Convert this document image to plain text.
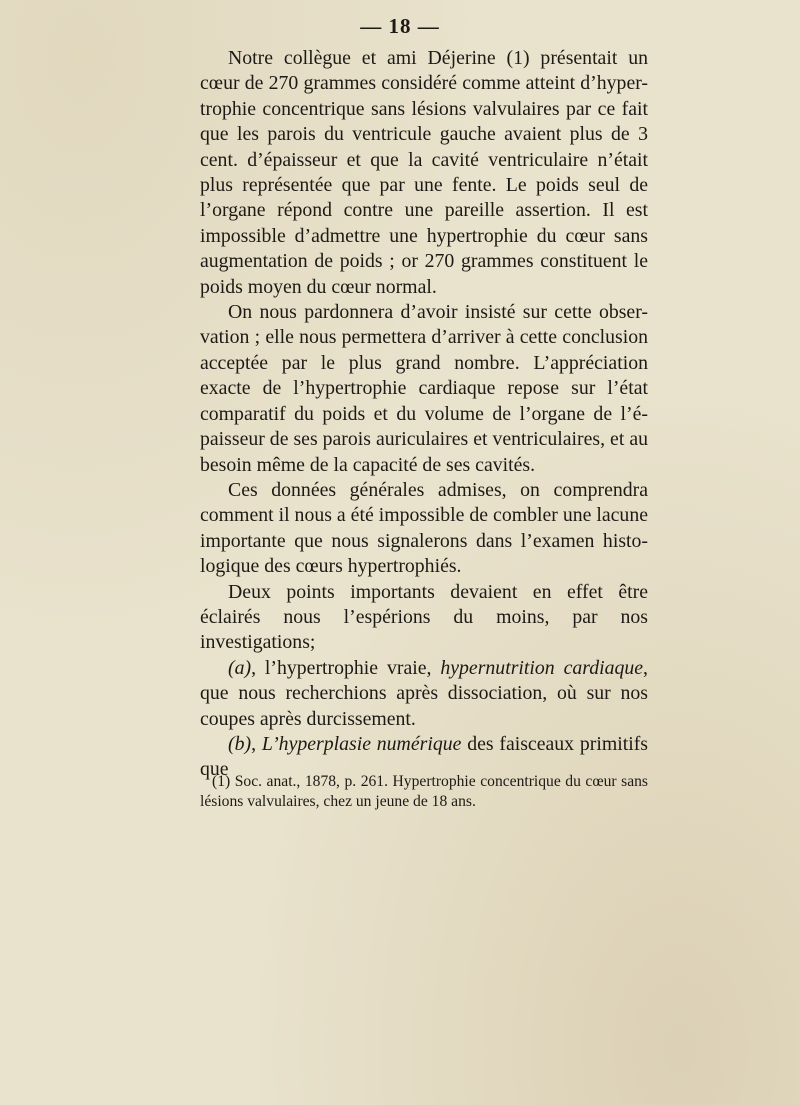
— 18 —

Notre collègue et ami Déjerine (1) présentait un cœur de 270 grammes considéré comme atteint d’hyper-trophie concentrique sans lésions valvulaires par ce fait que les parois du ventricule gauche avaient plus de 3 cent. d’épaisseur et que la cavité ventriculaire n’était plus représentée que par une fente. Le poids seul de l’organe répond contre une pareille assertion. Il est impossible d’admettre une hypertrophie du cœur sans augmentation de poids ; or 270 grammes constituent le poids moyen du cœur normal.

On nous pardonnera d’avoir insisté sur cette obser-vation ; elle nous permettera d’arriver à cette conclusion acceptée par le plus grand nombre. L’appréciation exacte de l’hypertrophie cardiaque repose sur l’état comparatif du poids et du volume de l’organe de l’é-paisseur de ses parois auriculaires et ventriculaires, et au besoin même de la capacité de ses cavités.

Ces données générales admises, on comprendra comment il nous a été impossible de combler une lacune importante que nous signalerons dans l’examen histo-logique des cœurs hypertrophiés.

Deux points importants devaient en effet être éclairés nous l’espérions du moins, par nos investigations;

(a), l’hypertrophie vraie, hypernutrition cardiaque, que nous recherchions après dissociation, où sur nos coupes après durcissement.

(b), L’hyperplasie numérique des faisceaux primitifs que

(1) Soc. anat., 1878, p. 261. Hypertrophie concentrique du cœur sans lésions valvulaires, chez un jeune de 18 ans.
